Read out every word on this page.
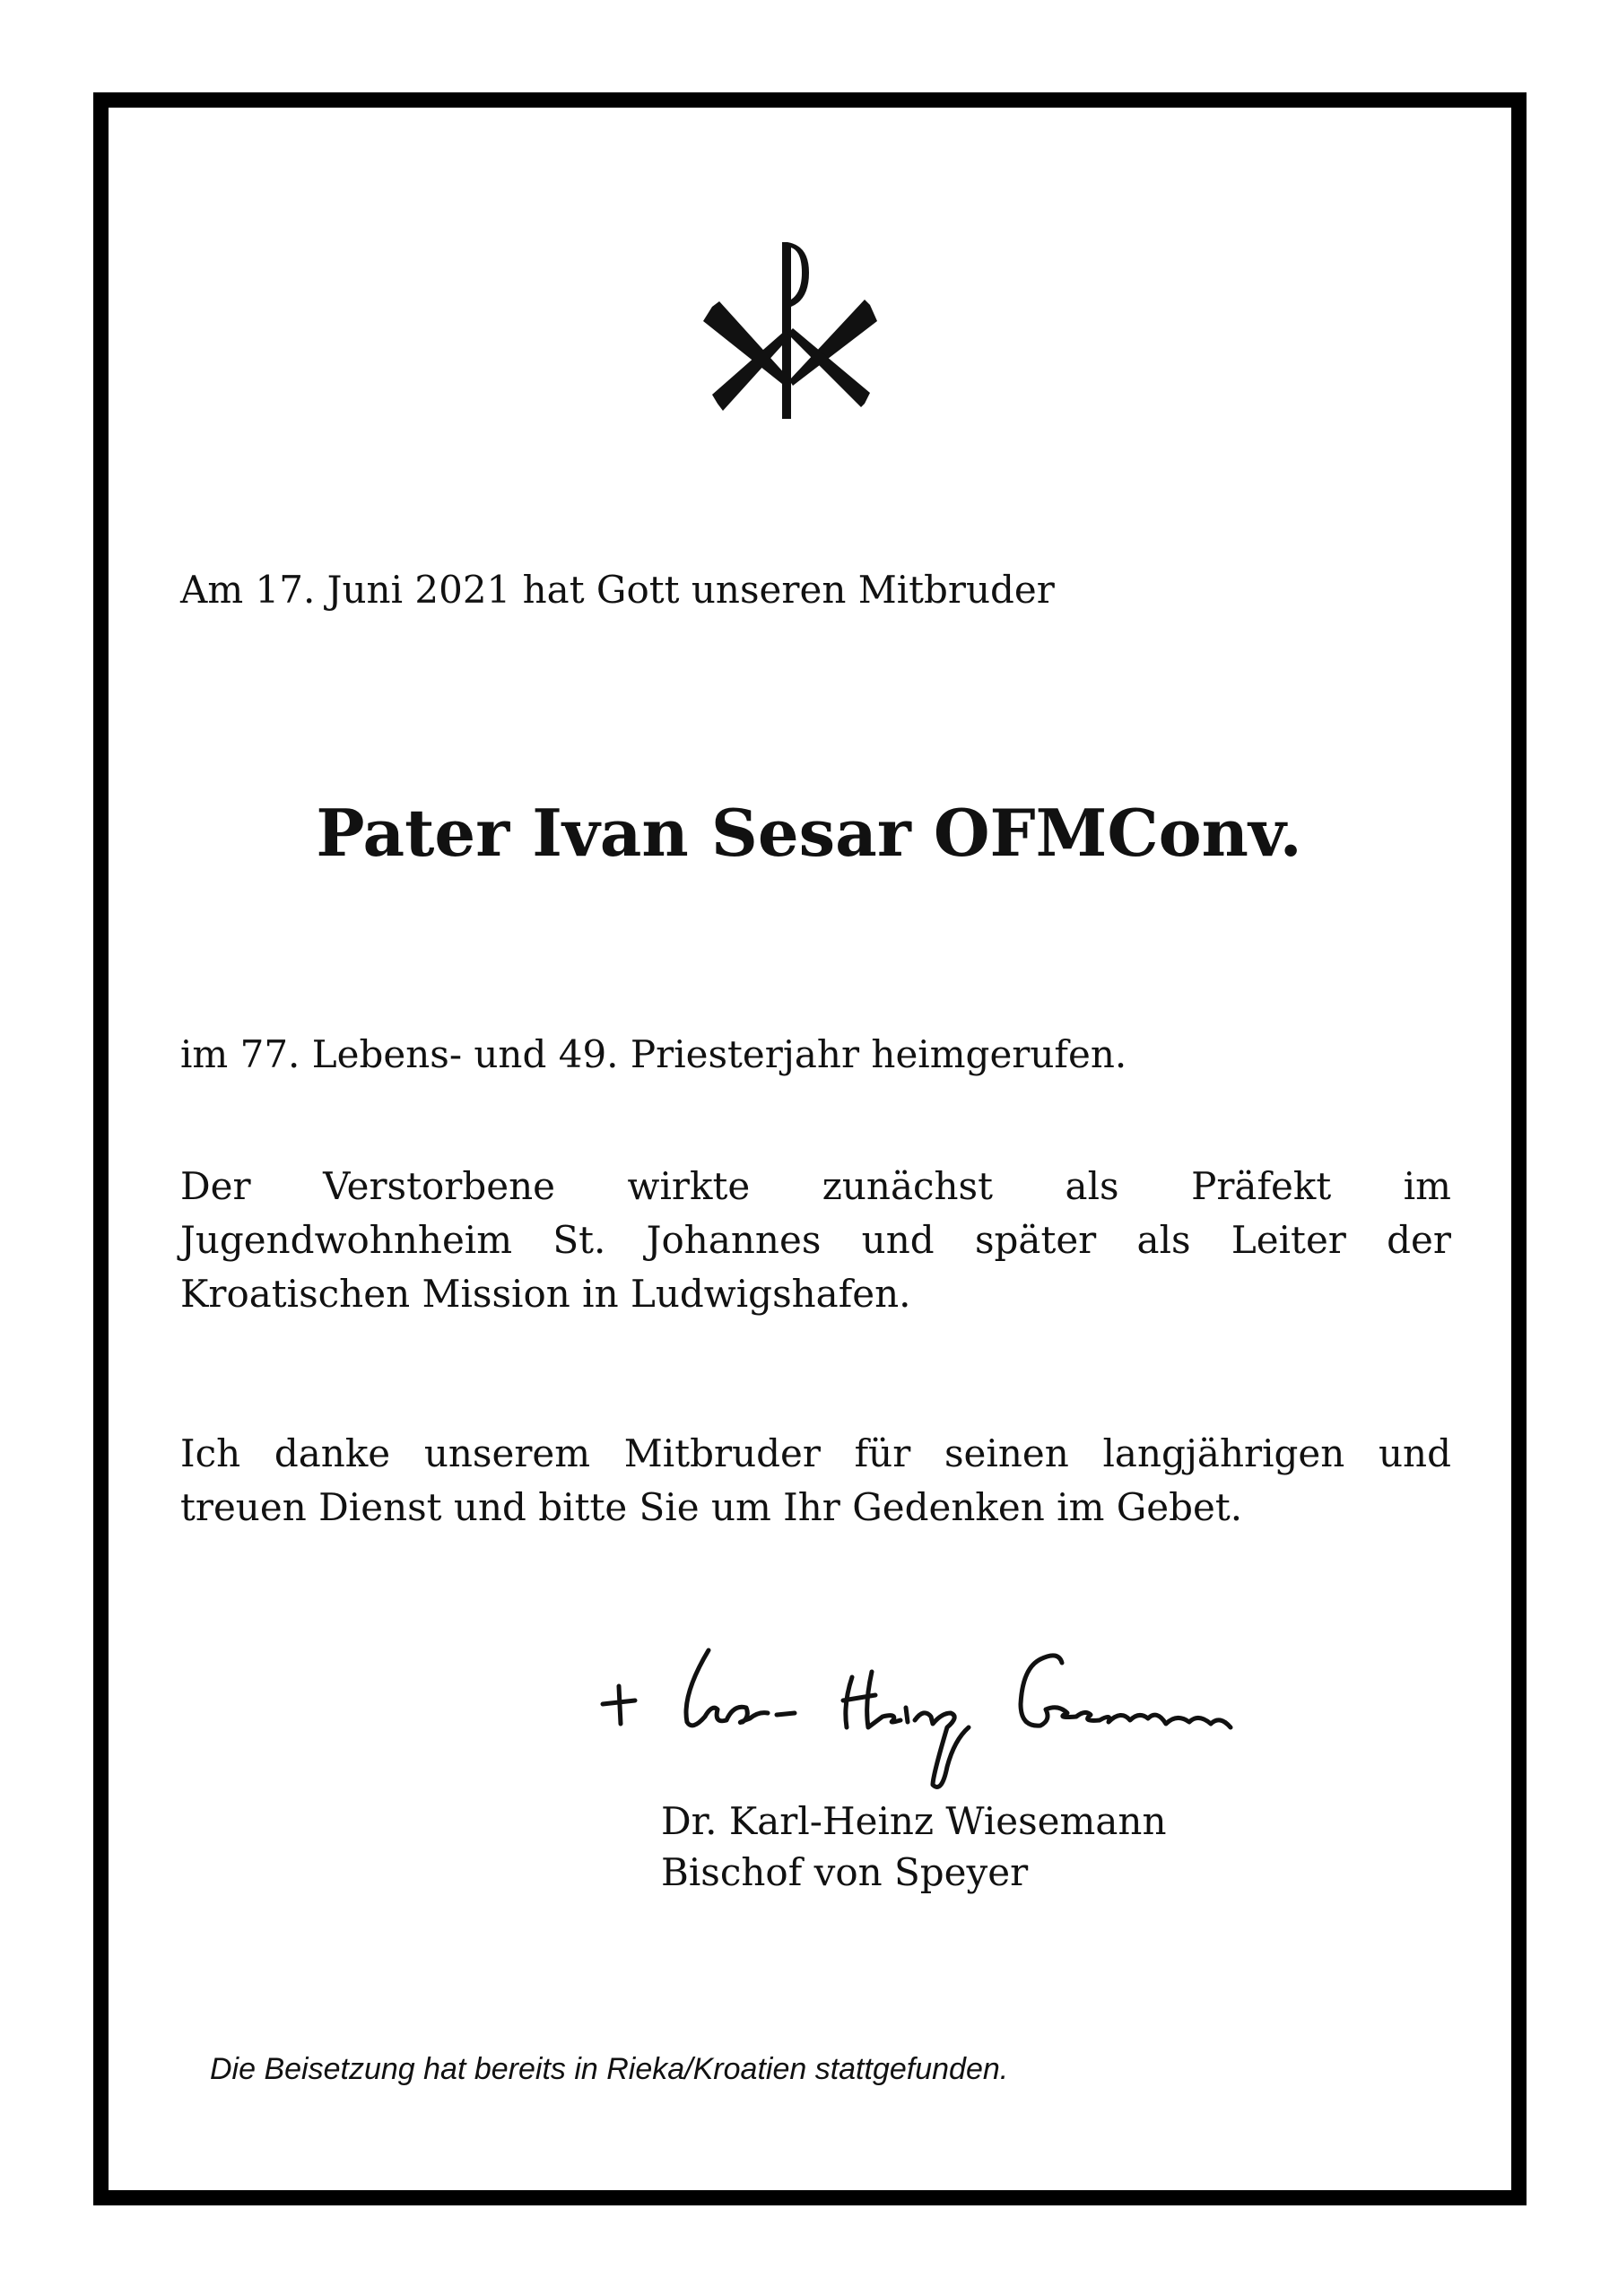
Am 17. Juni 2021 hat Gott unseren Mitbruder
Pater Ivan Sesar OFMConv.
im 77. Lebens- und 49. Priesterjahr heimgerufen.
Der Verstorbene wirkte zunächst als Präfekt im
Jugendwohnheim St. Johannes und später als Leiter der
Kroatischen Mission in Ludwigshafen.
Ich danke unserem Mitbruder für seinen langjährigen und
treuen Dienst und bitte Sie um Ihr Gedenken im Gebet.
Dr. Karl-Heinz Wiesemann
Bischof von Speyer
Die Beisetzung hat bereits in Rieka/Kroatien stattgefunden.
